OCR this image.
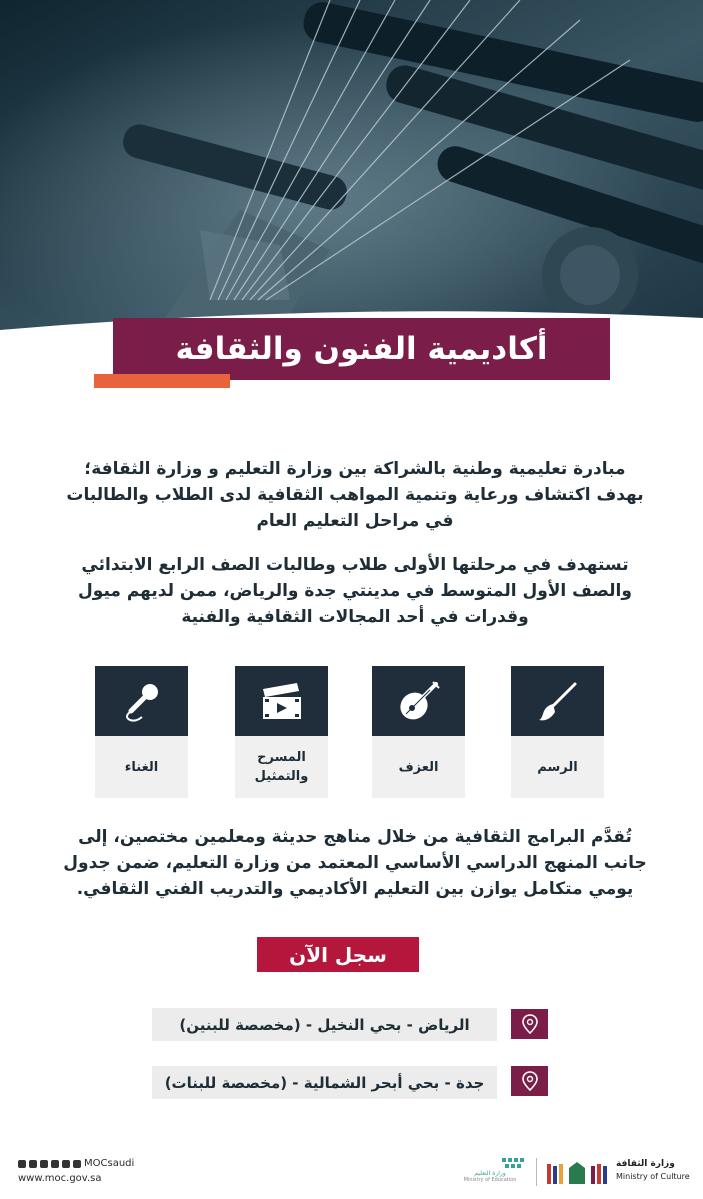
أكاديمية الفنون والثقافة
مبادرة تعليمية وطنية بالشراكة بين وزارة التعليم و وزارة الثقافة؛ بهدف اكتشاف ورعاية وتنمية المواهب الثقافية لدى الطلاب والطالبات في مراحل التعليم العام
تستهدف في مرحلتها الأولى طلاب وطالبات الصف الرابع الابتدائي والصف الأول المتوسط في مدينتي جدة والرياض، ممن لديهم ميول وقدرات في أحد المجالات الثقافية والفنية
الغناء
المسرح والتمثيل
العزف	الرسم
تُقدَّم البرامج الثقافية من خلال مناهج حديثة ومعلمين مختصين، إلى جانب المنهج الدراسي الأساسي المعتمد من وزارة التعليم، ضمن جدول يومي متكامل يوازن بين التعليم الأكاديمي والتدريب الفني الثقافي.
سجل الآن
الرياض - بحي النخيل - (مخصصة للبنين)
جدة - بحي أبحر الشمالية - (مخصصة للبنات)
MOCsaudi
www.moc.gov.sa	وزارة التعليم
Ministry of Education
وزارة الثقافة
Ministry of Culture
